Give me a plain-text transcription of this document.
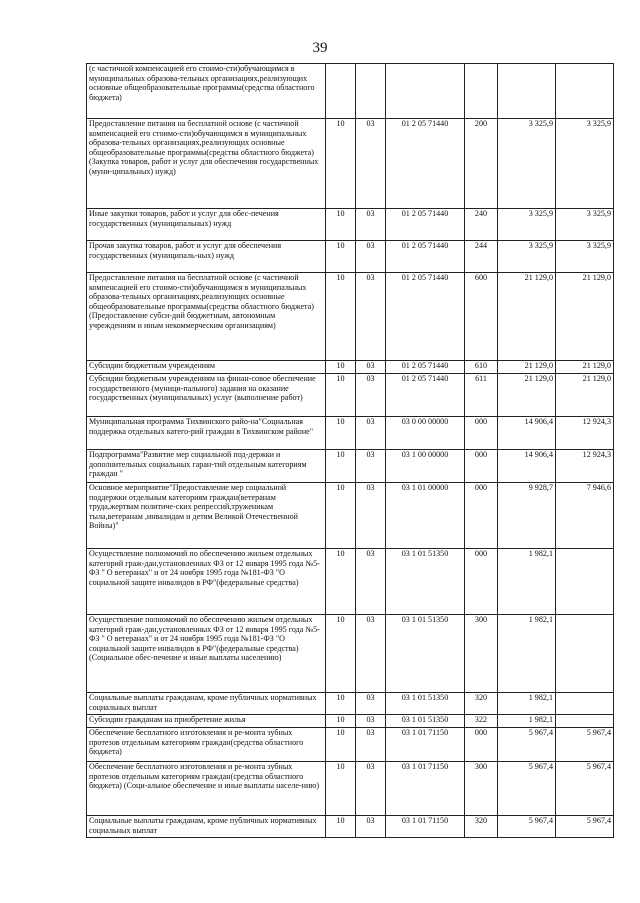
39
(с частичной компенсацией его стоимо-сти)обучающимся в муниципальных образова-тельных организациях,реализующих основные общеобразовательные программы(средства областного бюджета)						
Предоставление питания на бесплатной основе (с частичной компенсацией его стоимо-сти)обучающимся в муниципальных образова-тельных организациях,реализующих основные общеобразовательные программы(средства областного бюджета) (Закупка товаров, работ и услуг для обеспечения государственных (муни-ципальных) нужд)	10	03	01 2 05 71440	200	3 325,9	3 325,9
Иные закупки товаров, работ и услуг для обес-печения государственных (муниципальных) нужд	10	03	01 2 05 71440	240	3 325,9	3 325,9
Прочая закупка товаров, работ и услуг для обеспечения государственных (муниципаль-ных) нужд	10	03	01 2 05 71440	244	3 325,9	3 325,9
Предоставление питания на бесплатной основе (с частичной компенсацией его стоимо-сти)обучающимся в муниципальных образова-тельных организациях,реализующих основные общеобразовательные программы(средства областного бюджета) (Предоставление субси-дий бюджетным, автономным учреждениям и иным некоммерческим организациям)	10	03	01 2 05 71440	600	21 129,0	21 129,0
Субсидии бюджетным учреждениям	10	03	01 2 05 71440	610	21 129,0	21 129,0
Субсидии бюджетным учреждениям на финан-совое обеспечение государственного (муници-пального) задания на оказание государственных (муниципальных) услуг (выполнение работ)	10	03	01 2 05 71440	611	21 129,0	21 129,0
Муниципальная программа Тихвинского райо-на"Социальная поддержка отдельных катего-рий граждан в Тихвинском районе"	10	03	03 0 00 00000	000	14 906,4	12 924,3
Подпрограмма"Развитие мер социальной под-держки и дополнительных социальных гаран-тий отдельным категориям граждан "	10	03	03 1 00 00000	000	14 906,4	12 924,3
Основное мероприятие"Предоставление мер социальной поддержки отдельным категориям граждан(ветеранам труда,жертвам политиче-ских репрессий,труженикам тыла,ветеранам ,инвалидам и детям Великой Отечественной Войны)"	10	03	03 1 01 00000	000	9 928,7	7 946,6
Осуществление полномочий по обеспечению жильем отдельных категорий граж-дан,установленных ФЗ от 12 января 1995 года №5-ФЗ " О ветеранах" и от 24 ноября 1995 года №181-ФЗ "О социальной защите инвалидов в РФ"(федеральные средства)	10	03	03 1 01 51350	000	1 982,1	
Осуществление полномочий по обеспечению жильем отдельных категорий граж-дан,установленных ФЗ от 12 января 1995 года №5-ФЗ " О ветеранах" и от 24 ноября 1995 года №181-ФЗ "О социальной защите инвалидов в РФ"(федеральные средства) (Социальное обес-печение и иные выплаты населению)	10	03	03 1 01 51350	300	1 982,1	
Социальные выплаты гражданам, кроме публичных нормативных социальных выплат	10	03	03 1 01 51350	320	1 982,1	
Субсидии гражданам на приобретение жилья	10	03	03 1 01 51350	322	1 982,1	
Обеспечение бесплатного изготовления и ре-монта зубных протезов отдельным категориям граждан(средства областного бюджета)	10	03	03 1 01 71150	000	5 967,4	5 967,4
Обеспечение бесплатного изготовления и ре-монта зубных протезов отдельным категориям граждан(средства областного бюджета) (Соци-альное обеспечение и иные выплаты населе-нию)	10	03	03 1 01 71150	300	5 967,4	5 967,4
Социальные выплаты гражданам, кроме публичных нормативных социальных выплат	10	03	03 1 01 71150	320	5 967,4	5 967,4
